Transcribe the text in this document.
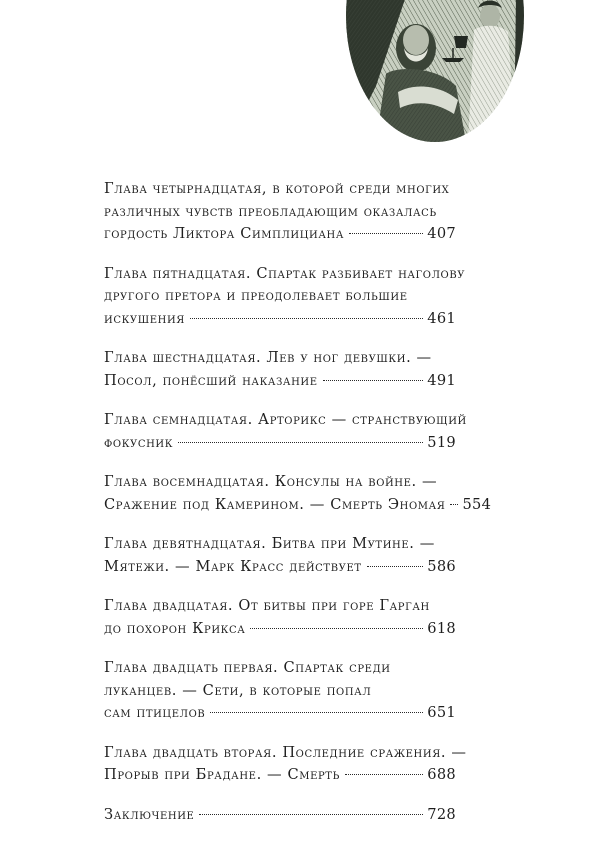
Глава четырнадцатая, в которой среди многих
различных чувств преобладающим оказалась
гордость Ликтора Симплициана	407
Глава пятнадцатая. Спартак разбивает наголову
другого претора и преодолевает большие
искушения	461
Глава шестнадцатая. Лев у ног девушки. —
Посол, понёсший наказание	491
Глава семнадцатая. Арторикс — странствующий
фокусник	519
Глава восемнадцатая. Консулы на войне. —
Сражение под Камерином. — Смерть Эномая 554
Глава девятнадцатая. Битва при Мутине. —
Мятежи. — Марк Красс действует	586
Глава двадцатая. От битвы при горе Гарган
до похорон Крикса	618
Глава двадцать первая. Спартак среди
луканцев. — Сети, в которые попал
сам птицелов	651
Глава двадцать вторая. Последние сражения. —
Прорыв при Брадане. — Смерть	688
Заключение	728
